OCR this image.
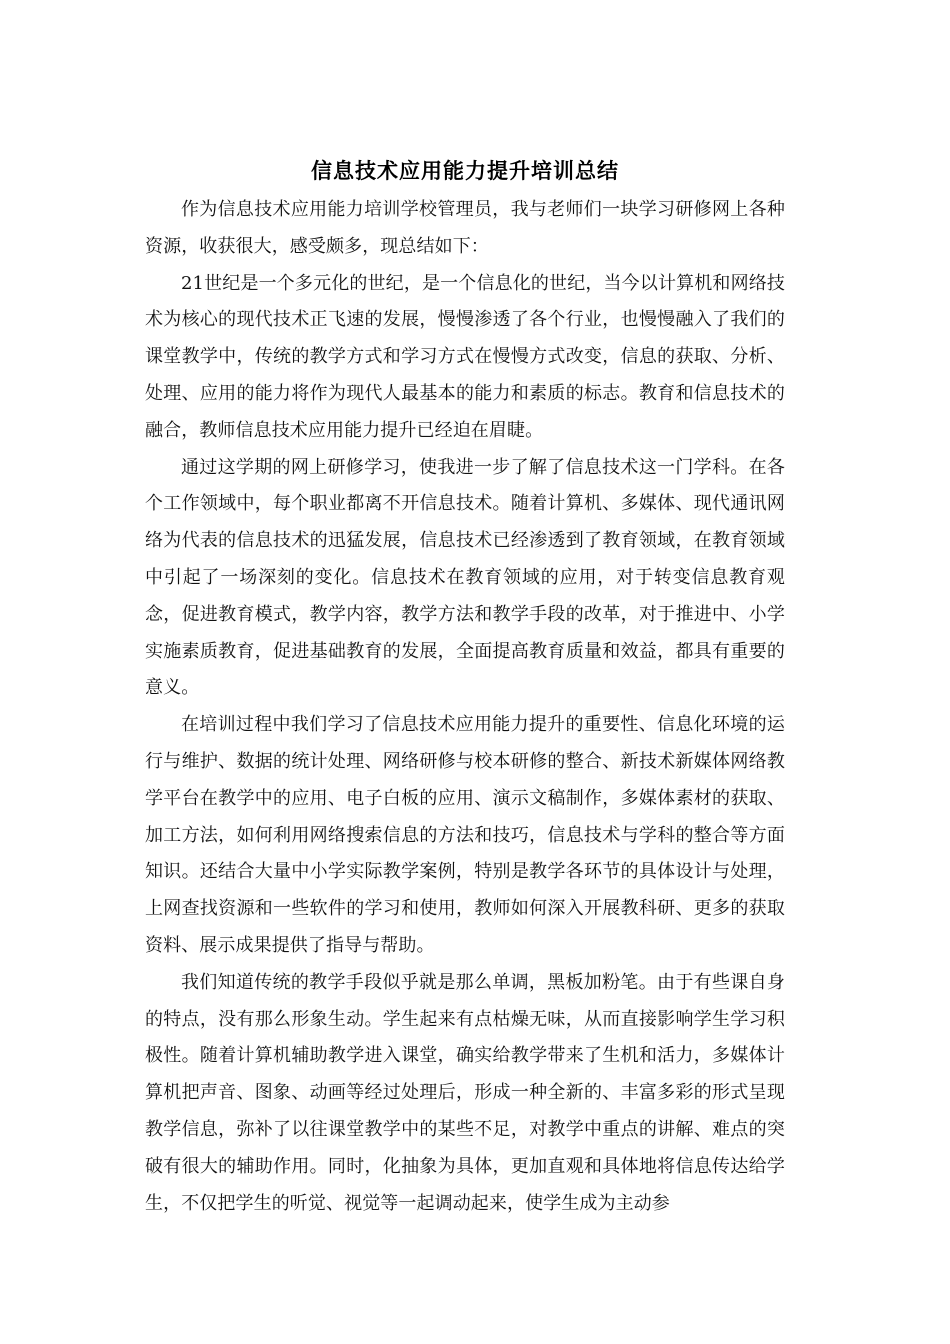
信息技术应用能力提升培训总结

作为信息技术应用能力培训学校管理员，我与老师们一块学习研修网上各种资源，收获很大，感受颇多，现总结如下：

21世纪是一个多元化的世纪，是一个信息化的世纪，当今以计算机和网络技术为核心的现代技术正飞速的发展，慢慢渗透了各个行业，也慢慢融入了我们的课堂教学中，传统的教学方式和学习方式在慢慢方式改变，信息的获取、分析、处理、应用的能力将作为现代人最基本的能力和素质的标志。教育和信息技术的融合，教师信息技术应用能力提升已经迫在眉睫。

通过这学期的网上研修学习，使我进一步了解了信息技术这一门学科。在各个工作领域中，每个职业都离不开信息技术。随着计算机、多媒体、现代通讯网络为代表的信息技术的迅猛发展，信息技术已经渗透到了教育领域，在教育领域中引起了一场深刻的变化。信息技术在教育领域的应用，对于转变信息教育观念，促进教育模式，教学内容，教学方法和教学手段的改革，对于推进中、小学实施素质教育，促进基础教育的发展，全面提高教育质量和效益，都具有重要的意义。

在培训过程中我们学习了信息技术应用能力提升的重要性、信息化环境的运行与维护、数据的统计处理、网络研修与校本研修的整合、新技术新媒体网络教学平台在教学中的应用、电子白板的应用、演示文稿制作，多媒体素材的获取、加工方法，如何利用网络搜索信息的方法和技巧，信息技术与学科的整合等方面知识。还结合大量中小学实际教学案例，特别是教学各环节的具体设计与处理，上网查找资源和一些软件的学习和使用，教师如何深入开展教科研、更多的获取资料、展示成果提供了指导与帮助。

我们知道传统的教学手段似乎就是那么单调，黑板加粉笔。由于有些课自身的特点，没有那么形象生动。学生起来有点枯燥无味，从而直接影响学生学习积极性。随着计算机辅助教学进入课堂，确实给教学带来了生机和活力，多媒体计算机把声音、图象、动画等经过处理后，形成一种全新的、丰富多彩的形式呈现教学信息，弥补了以往课堂教学中的某些不足，对教学中重点的讲解、难点的突破有很大的辅助作用。同时，化抽象为具体，更加直观和具体地将信息传达给学生，不仅把学生的听觉、视觉等一起调动起来，使学生成为主动参
